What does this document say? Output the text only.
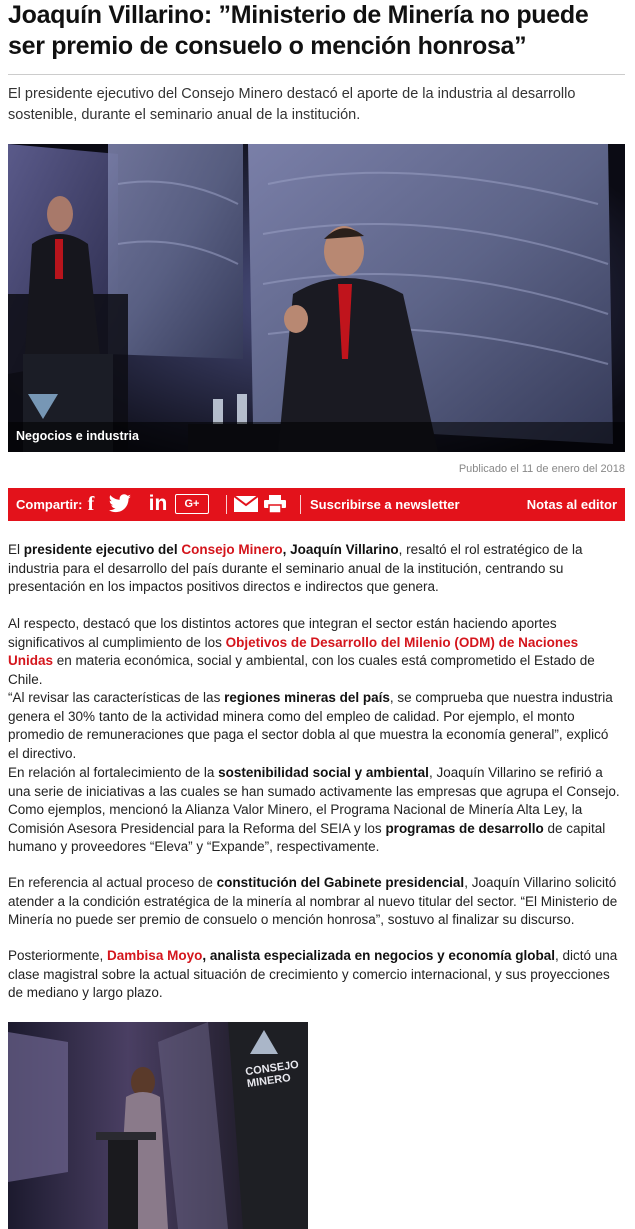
Joaquín Villarino: ”Ministerio de Minería no puede ser premio de consuelo o mención honrosa”

El presidente ejecutivo del Consejo Minero destacó el aporte de la industria al desarrollo sostenible, durante el seminario anual de la institución.

Negocios e industria
Publicado el 11 de enero del 2018
Compartir: f	in	G+	Suscribirse a newsletter	Notas al editor

El presidente ejecutivo del Consejo Minero, Joaquín Villarino, resaltó el rol estratégico de la industria para el desarrollo del país durante el seminario anual de la institución, centrando su presentación en los impactos positivos directos e indirectos que genera.

Al respecto, destacó que los distintos actores que integran el sector están haciendo aportes significativos al cumplimiento de los Objetivos de Desarrollo del Milenio (ODM) de Naciones Unidas en materia económica, social y ambiental, con los cuales está comprometido el Estado de Chile.

“Al revisar las características de las regiones mineras del país, se comprueba que nuestra industria genera el 30% tanto de la actividad minera como del empleo de calidad. Por ejemplo, el monto promedio de remuneraciones que paga el sector dobla al que muestra la economía general”, explicó el directivo.

En relación al fortalecimiento de la sostenibilidad social y ambiental, Joaquín Villarino se refirió a una serie de iniciativas a las cuales se han sumado activamente las empresas que agrupa el Consejo. Como ejemplos, mencionó la Alianza Valor Minero, el Programa Nacional de Minería Alta Ley, la Comisión Asesora Presidencial para la Reforma del SEIA y los programas de desarrollo de capital humano y proveedores “Eleva” y “Expande”, respectivamente.

En referencia al actual proceso de constitución del Gabinete presidencial, Joaquín Villarino solicitó atender a la condición estratégica de la minería al nombrar al nuevo titular del sector. “El Ministerio de Minería no puede ser premio de consuelo o mención honrosa”, sostuvo al finalizar su discurso.

Posteriormente, Dambisa Moyo, analista especializada en negocios y economía global, dictó una clase magistral sobre la actual situación de crecimiento y comercio internacional, y sus proyecciones de mediano y largo plazo.

CONSEJO MINERO
